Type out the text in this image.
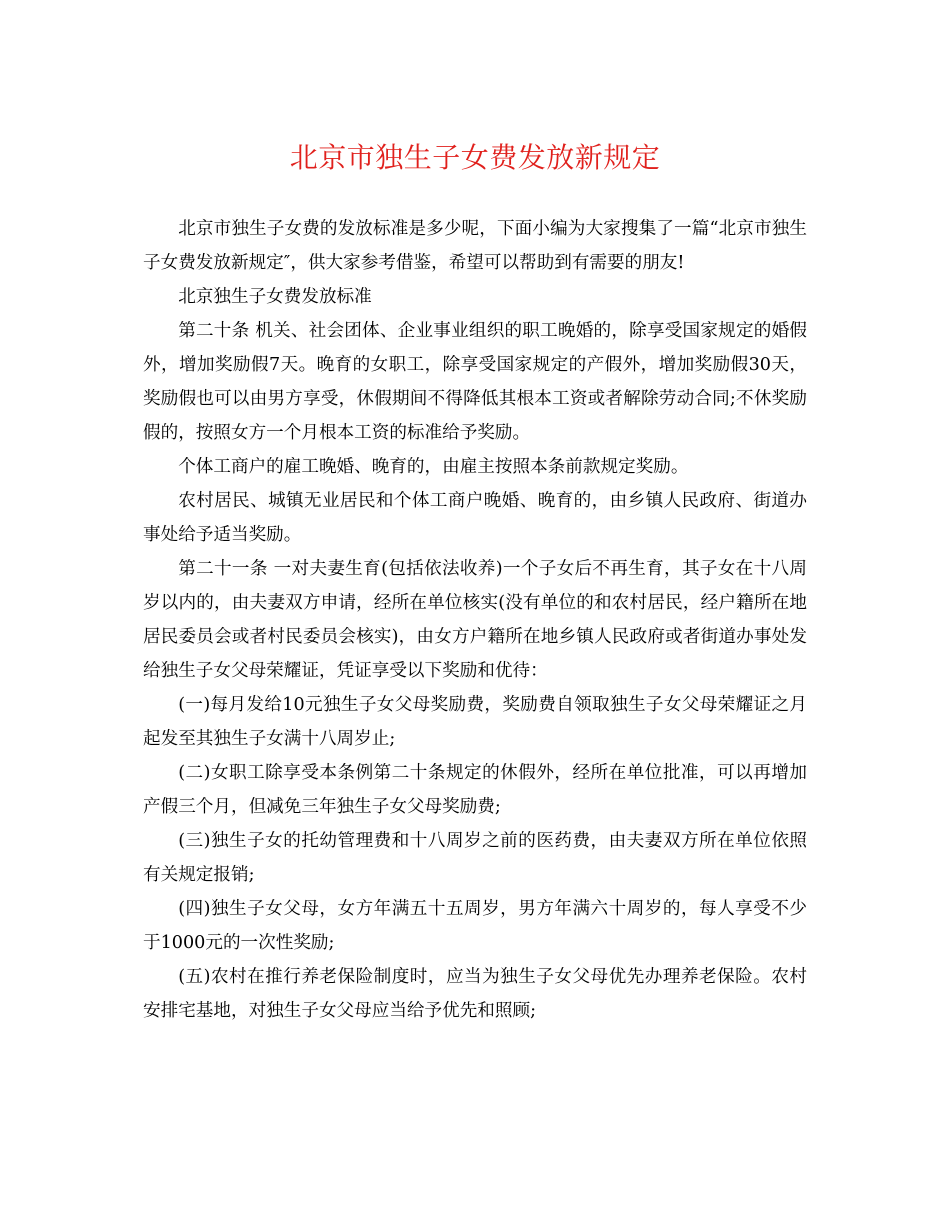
北京市独生子女费发放新规定

北京市独生子女费的发放标准是多少呢，下面小编为大家搜集了一篇“北京市独生子女费发放新规定″，供大家参考借鉴，希望可以帮助到有需要的朋友!

北京独生子女费发放标准

第二十条 机关、社会团体、企业事业组织的职工晚婚的，除享受国家规定的婚假外，增加奖励假7天。晚育的女职工，除享受国家规定的产假外，增加奖励假30天，奖励假也可以由男方享受，休假期间不得降低其根本工资或者解除劳动合同;不休奖励假的，按照女方一个月根本工资的标准给予奖励。

个体工商户的雇工晚婚、晚育的，由雇主按照本条前款规定奖励。

农村居民、城镇无业居民和个体工商户晚婚、晚育的，由乡镇人民政府、街道办事处给予适当奖励。

第二十一条 一对夫妻生育(包括依法收养)一个子女后不再生育，其子女在十八周岁以内的，由夫妻双方申请，经所在单位核实(没有单位的和农村居民，经户籍所在地居民委员会或者村民委员会核实)，由女方户籍所在地乡镇人民政府或者街道办事处发给独生子女父母荣耀证，凭证享受以下奖励和优待：

(一)每月发给10元独生子女父母奖励费，奖励费自领取独生子女父母荣耀证之月起发至其独生子女满十八周岁止;

(二)女职工除享受本条例第二十条规定的休假外，经所在单位批准，可以再增加产假三个月，但减免三年独生子女父母奖励费;

(三)独生子女的托幼管理费和十八周岁之前的医药费，由夫妻双方所在单位依照有关规定报销;

(四)独生子女父母，女方年满五十五周岁，男方年满六十周岁的，每人享受不少于1000元的一次性奖励;

(五)农村在推行养老保险制度时，应当为独生子女父母优先办理养老保险。农村安排宅基地，对独生子女父母应当给予优先和照顾;
